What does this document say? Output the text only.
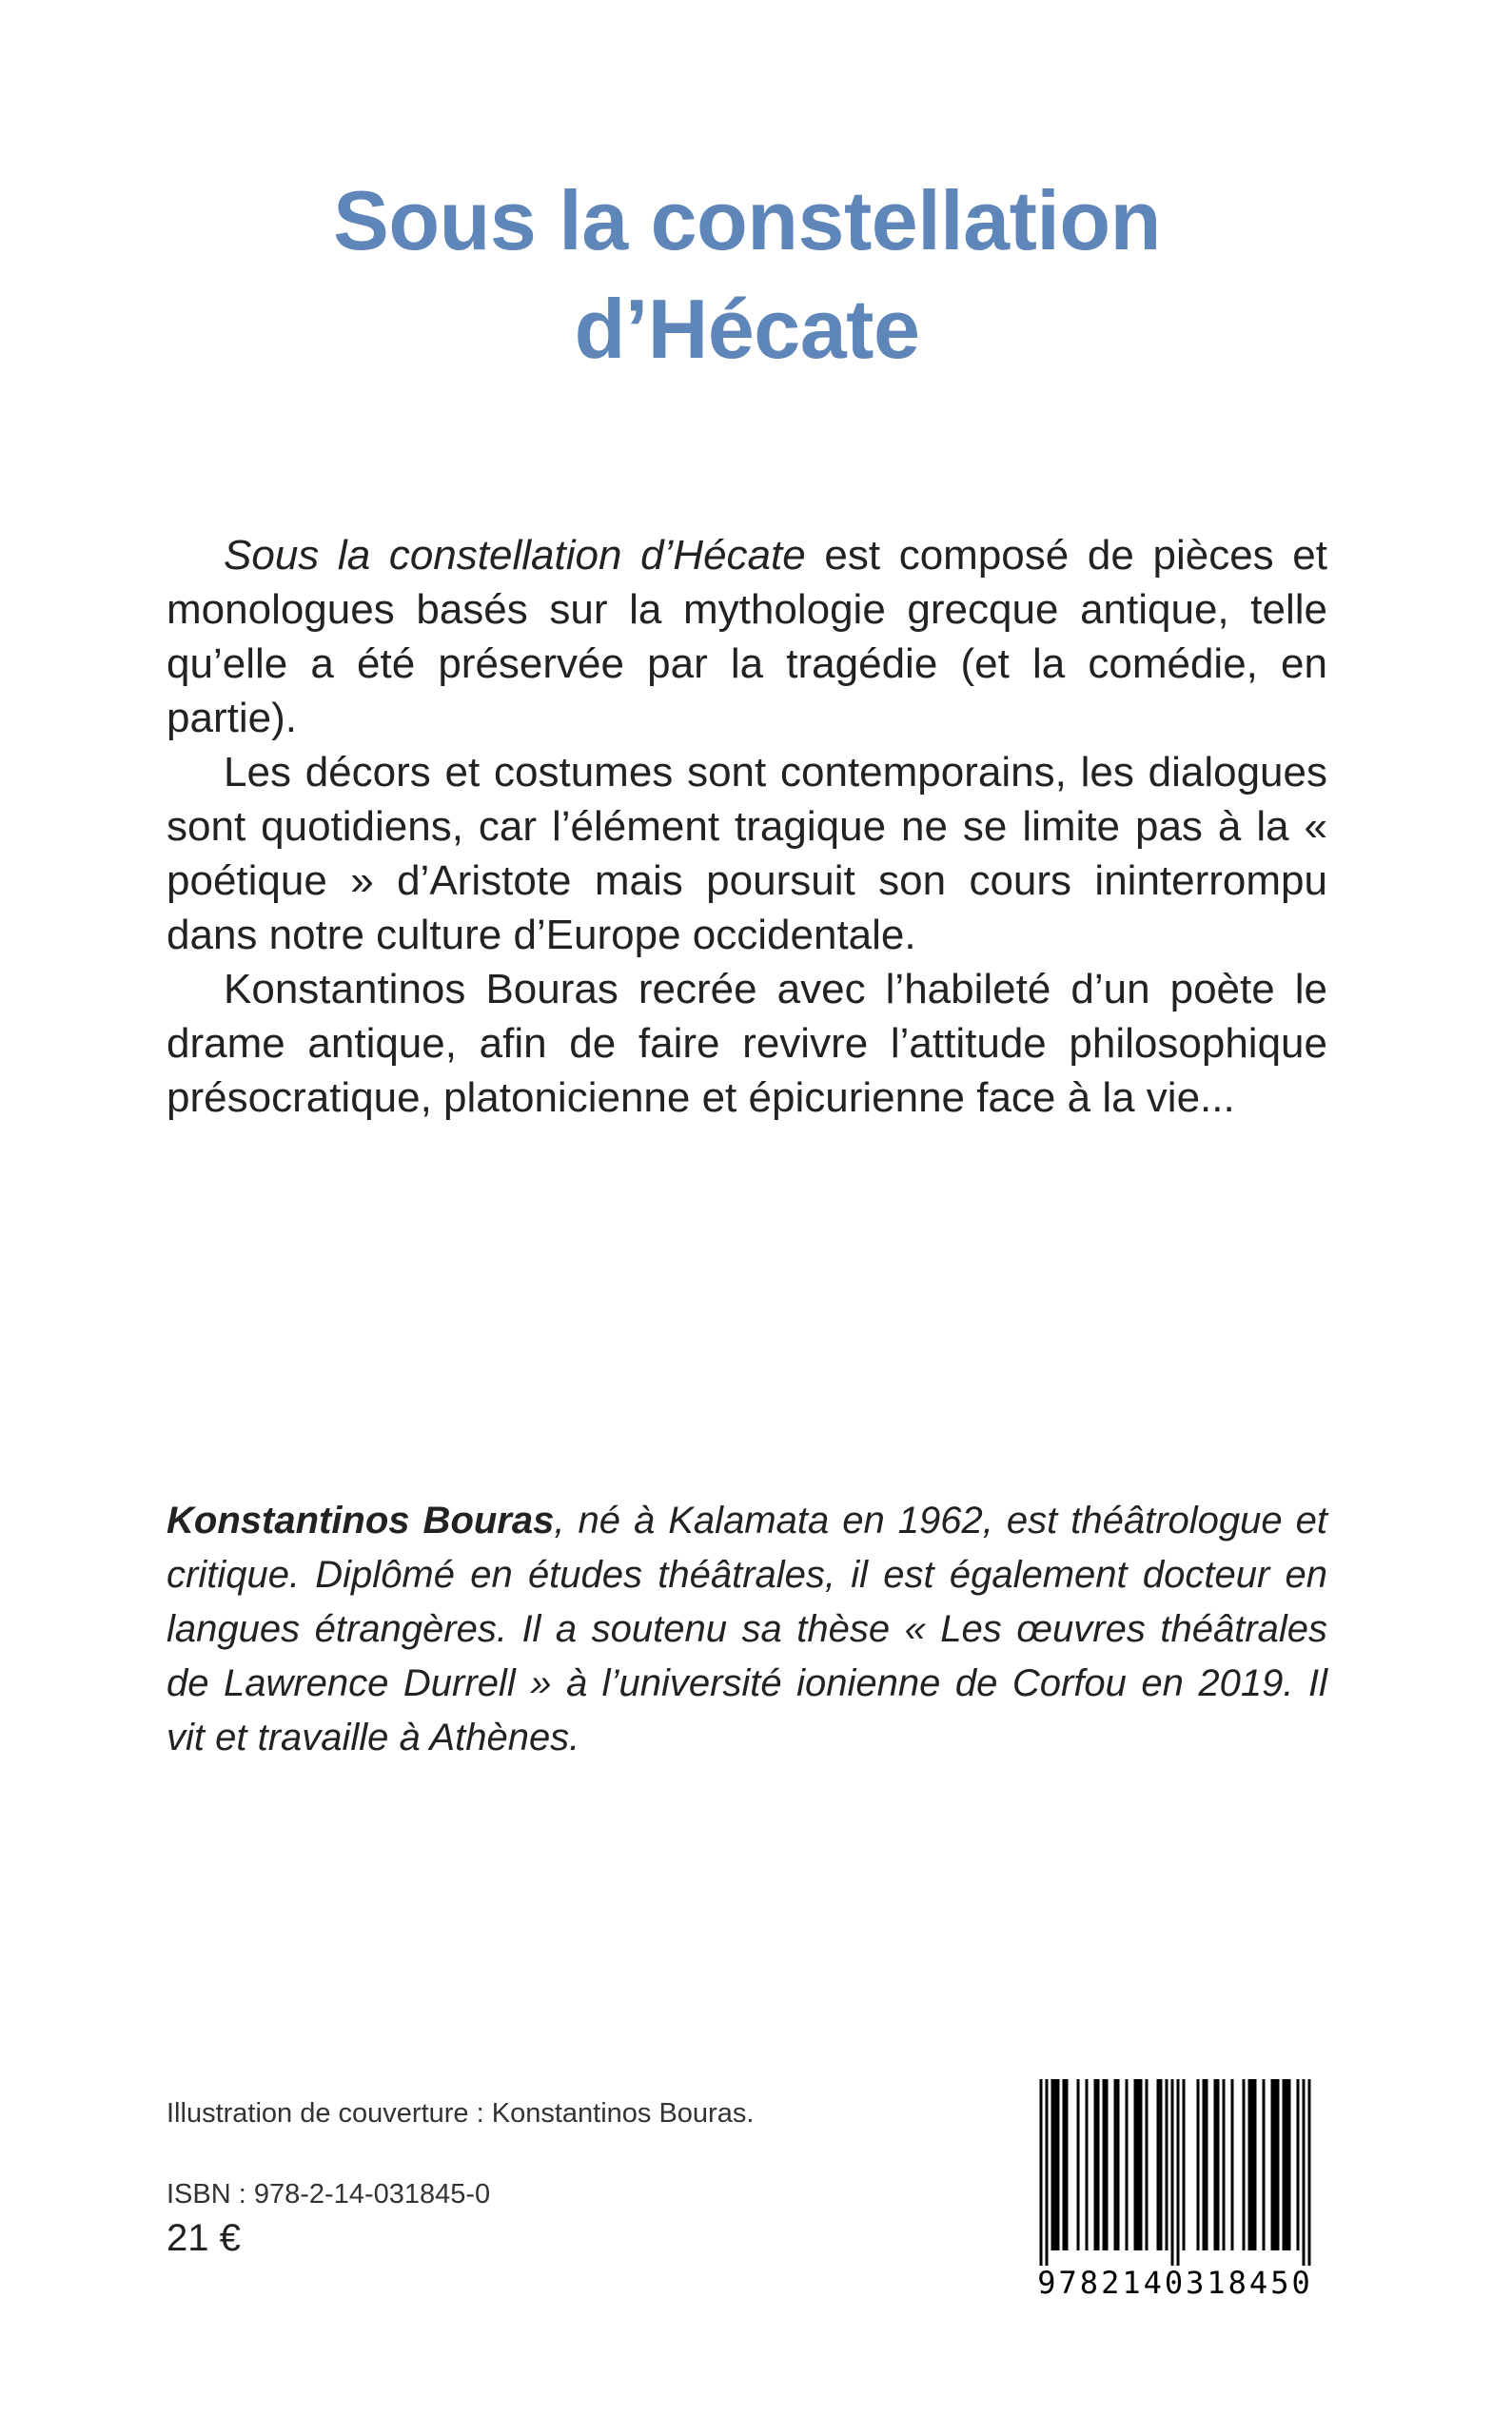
Sous la constellation
d’Hécate

Sous la constellation d’Hécate est composé de pièces et monologues basés sur la mythologie grecque antique, telle qu’elle a été préservée par la tragédie (et la comédie, en partie).

Les décors et costumes sont contemporains, les dialogues sont quotidiens, car l’élément tragique ne se limite pas à la « poétique » d’Aristote mais poursuit son cours ininterrompu dans notre culture d’Europe occidentale.

Konstantinos Bouras recrée avec l’habileté d’un poète le drame antique, afin de faire revivre l’attitude philosophique présocratique, platonicienne et épicurienne face à la vie...

Konstantinos Bouras, né à Kalamata en 1962, est théâtrologue et critique. Diplômé en études théâtrales, il est également docteur en langues étrangères. Il a soutenu sa thèse « Les œuvres théâtrales de Lawrence Durrell » à l’université ionienne de Corfou en 2019. Il vit et travaille à Athènes.

Illustration de couverture : Konstantinos Bouras.
ISBN : 978-2-14-031845-0
21 €
9782140318450
